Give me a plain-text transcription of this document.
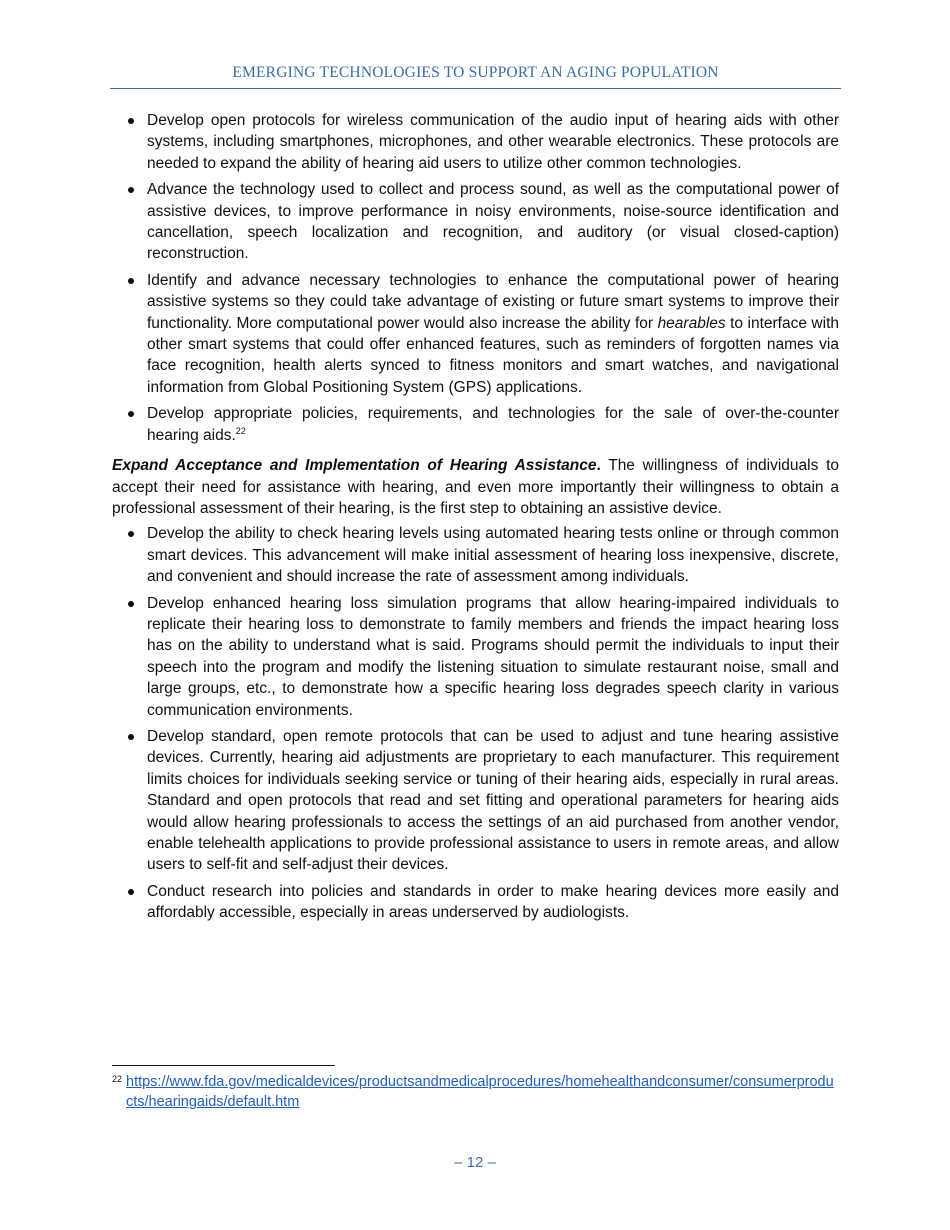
EMERGING TECHNOLOGIES TO SUPPORT AN AGING POPULATION
Develop open protocols for wireless communication of the audio input of hearing aids with other systems, including smartphones, microphones, and other wearable electronics. These protocols are needed to expand the ability of hearing aid users to utilize other common technologies.
Advance the technology used to collect and process sound, as well as the computational power of assistive devices, to improve performance in noisy environments, noise-source identification and cancellation, speech localization and recognition, and auditory (or visual closed-caption) reconstruction.
Identify and advance necessary technologies to enhance the computational power of hearing assistive systems so they could take advantage of existing or future smart systems to improve their functionality. More computational power would also increase the ability for hearables to interface with other smart systems that could offer enhanced features, such as reminders of forgotten names via face recognition, health alerts synced to fitness monitors and smart watches, and navigational information from Global Positioning System (GPS) applications.
Develop appropriate policies, requirements, and technologies for the sale of over-the-counter hearing aids.$^{22}$

Expand Acceptance and Implementation of Hearing Assistance. The willingness of individuals to accept their need for assistance with hearing, and even more importantly their willingness to obtain a professional assessment of their hearing, is the first step to obtaining an assistive device.

Develop the ability to check hearing levels using automated hearing tests online or through common smart devices. This advancement will make initial assessment of hearing loss inexpensive, discrete, and convenient and should increase the rate of assessment among individuals.
Develop enhanced hearing loss simulation programs that allow hearing-impaired individuals to replicate their hearing loss to demonstrate to family members and friends the impact hearing loss has on the ability to understand what is said. Programs should permit the individuals to input their speech into the program and modify the listening situation to simulate restaurant noise, small and large groups, etc., to demonstrate how a specific hearing loss degrades speech clarity in various communication environments.
Develop standard, open remote protocols that can be used to adjust and tune hearing assistive devices. Currently, hearing aid adjustments are proprietary to each manufacturer. This requirement limits choices for individuals seeking service or tuning of their hearing aids, especially in rural areas. Standard and open protocols that read and set fitting and operational parameters for hearing aids would allow hearing professionals to access the settings of an aid purchased from another vendor, enable telehealth applications to provide professional assistance to users in remote areas, and allow users to self-fit and self-adjust their devices.
Conduct research into policies and standards in order to make hearing devices more easily and affordably accessible, especially in areas underserved by audiologists.
22 https://www.fda.gov/medicaldevices/productsandmedicalprocedures/homehealthandconsumer/consumerproducts/hearingaids/default.htm
– 12 –
